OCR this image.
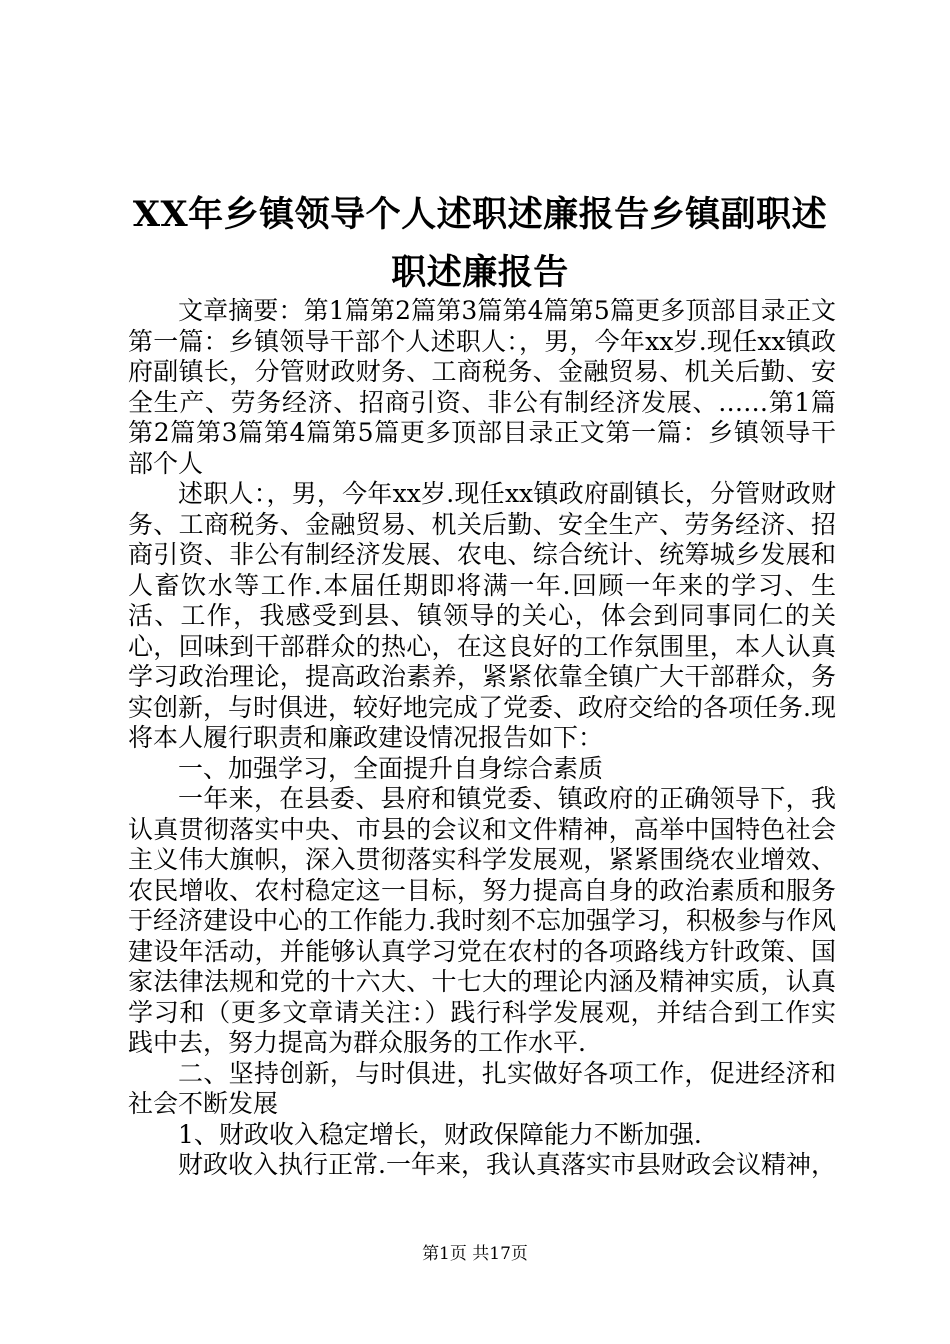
XX年乡镇领导个人述职述廉报告乡镇副职述
职述廉报告

文章摘要：第1篇第2篇第3篇第4篇第5篇更多顶部目录正文第一篇：乡镇领导干部个人述职人：，男，今年xx岁.现任xx镇政府副镇长，分管财政财务、工商税务、金融贸易、机关后勤、安全生产、劳务经济、招商引资、非公有制经济发展、……第1篇第2篇第3篇第4篇第5篇更多顶部目录正文第一篇：乡镇领导干部个人

述职人：，男，今年xx岁.现任xx镇政府副镇长，分管财政财务、工商税务、金融贸易、机关后勤、安全生产、劳务经济、招商引资、非公有制经济发展、农电、综合统计、统筹城乡发展和人畜饮水等工作.本届任期即将满一年.回顾一年来的学习、生活、工作，我感受到县、镇领导的关心，体会到同事同仁的关心，回味到干部群众的热心，在这良好的工作氛围里，本人认真学习政治理论，提高政治素养，紧紧依靠全镇广大干部群众，务实创新，与时俱进，较好地完成了党委、政府交给的各项任务.现将本人履行职责和廉政建设情况报告如下：

一、加强学习，全面提升自身综合素质

一年来，在县委、县府和镇党委、镇政府的正确领导下，我认真贯彻落实中央、市县的会议和文件精神，高举中国特色社会主义伟大旗帜，深入贯彻落实科学发展观，紧紧围绕农业增效、农民增收、农村稳定这一目标，努力提高自身的政治素质和服务于经济建设中心的工作能力.我时刻不忘加强学习，积极参与作风建设年活动，并能够认真学习党在农村的各项路线方针政策、国家法律法规和党的十六大、十七大的理论内涵及精神实质，认真学习和（更多文章请关注：）践行科学发展观，并结合到工作实践中去，努力提高为群众服务的工作水平.

二、坚持创新，与时俱进，扎实做好各项工作，促进经济和社会不断发展

1、财政收入稳定增长，财政保障能力不断加强.

财政收入执行正常.一年来，我认真落实市县财政会议精神，

第1页 共17页
